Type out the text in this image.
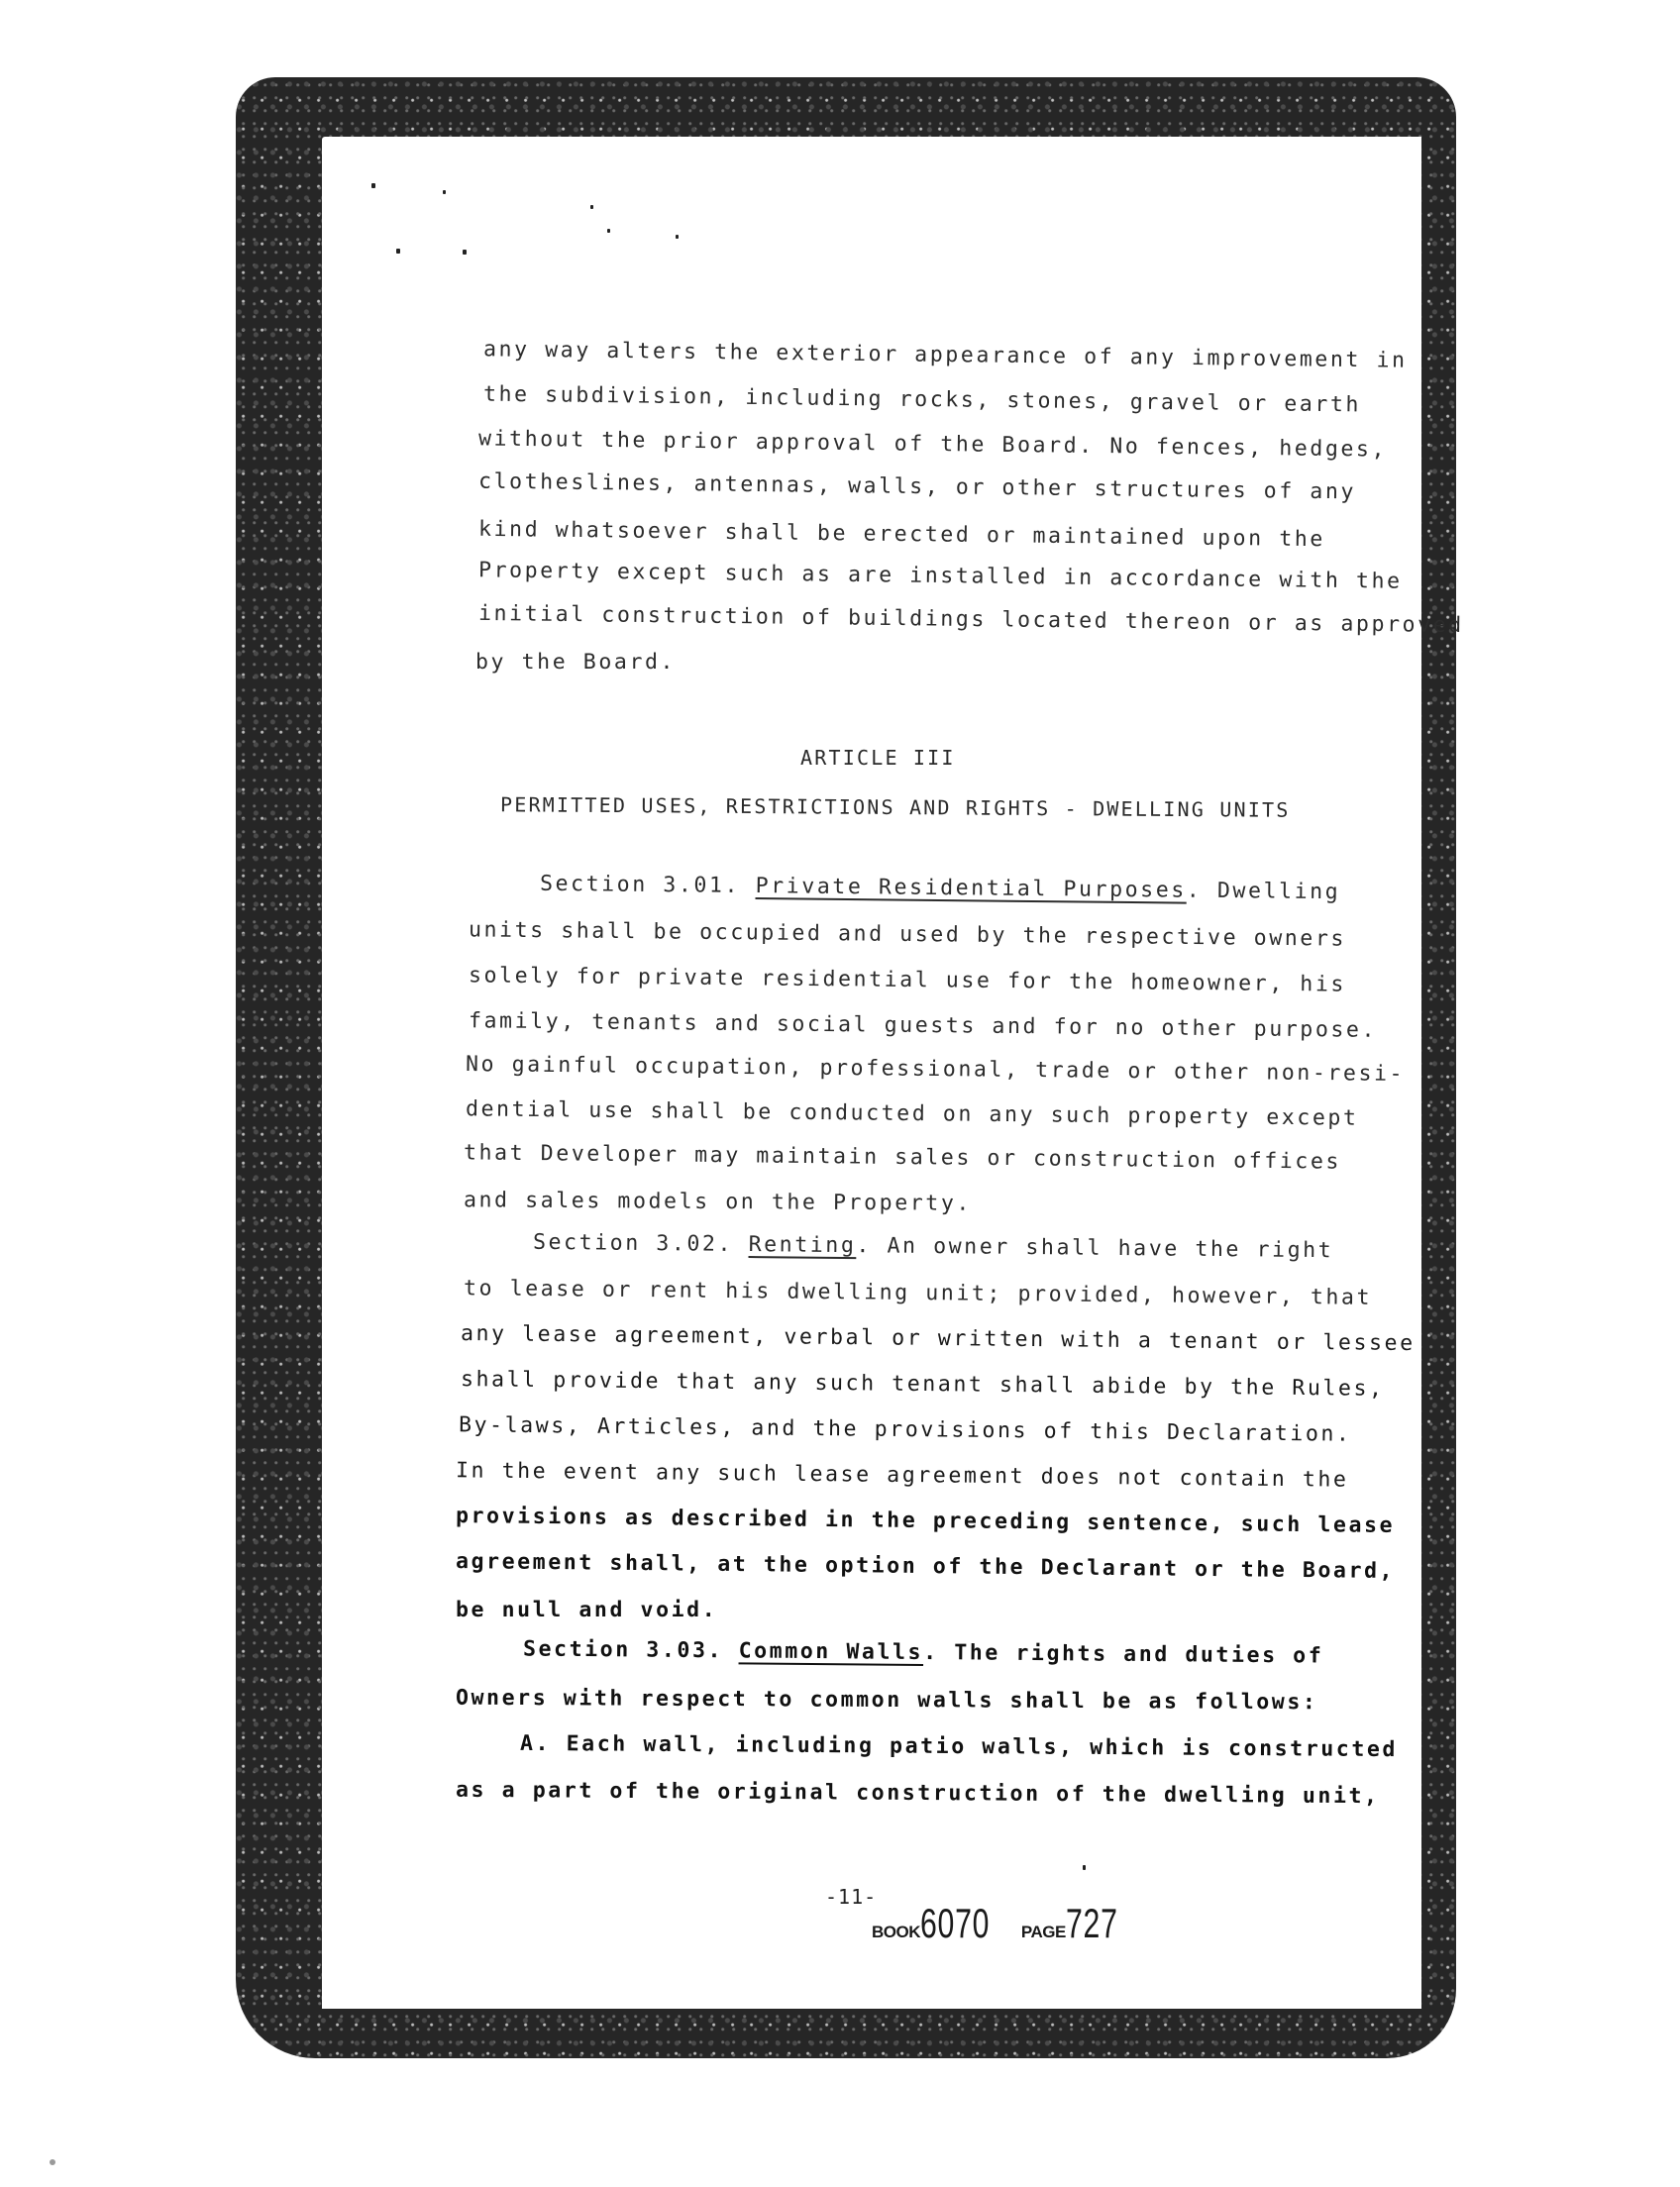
any way alters the exterior appearance of any improvement in
the subdivision, including rocks, stones, gravel or earth
without the prior approval of the Board. No fences, hedges,
clotheslines, antennas, walls, or other structures of any
kind whatsoever shall be erected or maintained upon the
Property except such as are installed in accordance with the
initial construction of buildings located thereon or as approved
by the Board.
ARTICLE III
PERMITTED USES, RESTRICTIONS AND RIGHTS - DWELLING UNITS
Section 3.01. Private Residential Purposes. Dwelling
units shall be occupied and used by the respective owners
solely for private residential use for the homeowner, his
family, tenants and social guests and for no other purpose.
No gainful occupation, professional, trade or other non-resi-
dential use shall be conducted on any such property except
that Developer may maintain sales or construction offices
and sales models on the Property.
Section 3.02. Renting. An owner shall have the right
to lease or rent his dwelling unit; provided, however, that
any lease agreement, verbal or written with a tenant or lessee
shall provide that any such tenant shall abide by the Rules,
By-laws, Articles, and the provisions of this Declaration.
In the event any such lease agreement does not contain the
provisions as described in the preceding sentence, such lease
agreement shall, at the option of the Declarant or the Board,
be null and void.
Section 3.03. Common Walls. The rights and duties of
Owners with respect to common walls shall be as follows:
A. Each wall, including patio walls, which is constructed
as a part of the original construction of the dwelling unit,
-11-
BOOK6070 PAGE727
